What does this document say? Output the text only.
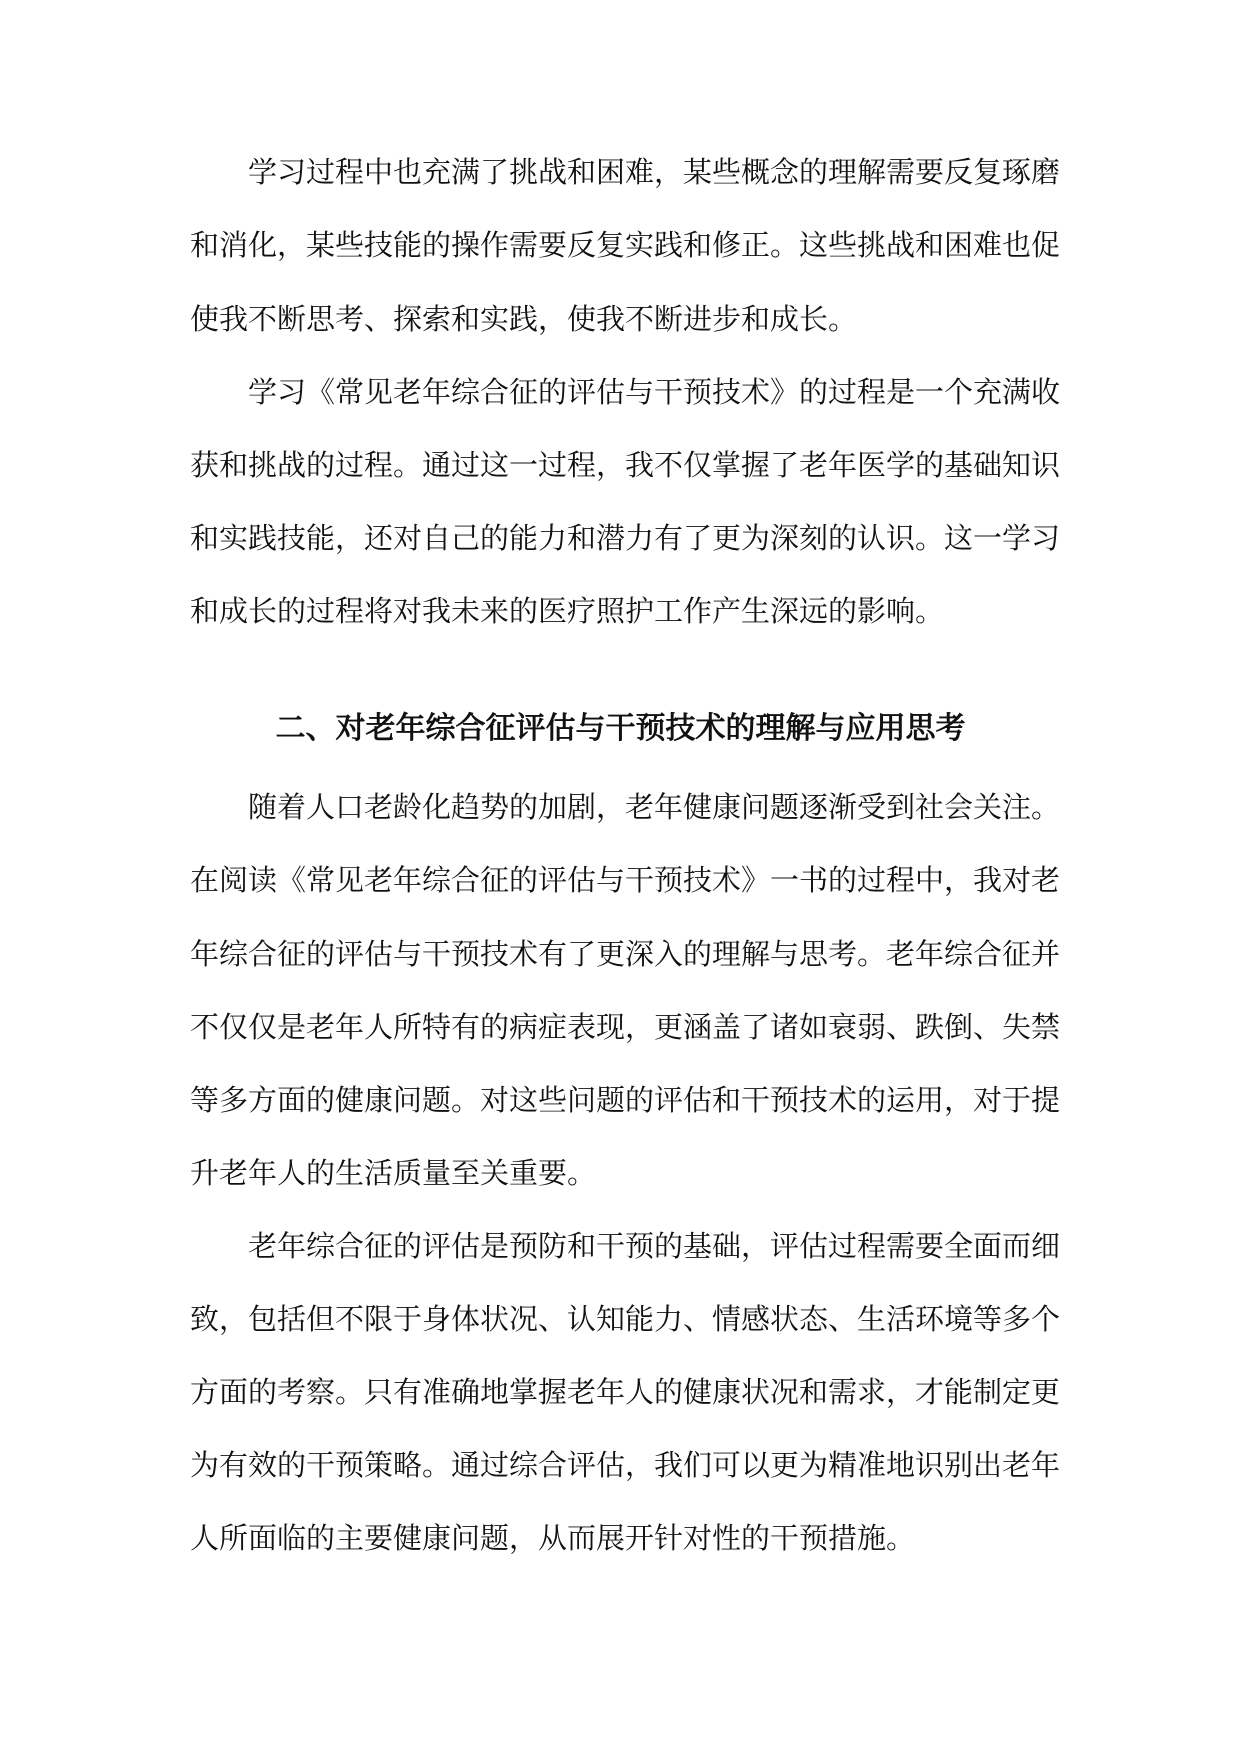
学习过程中也充满了挑战和困难，某些概念的理解需要反复琢磨

和消化，某些技能的操作需要反复实践和修正。这些挑战和困难也促

使我不断思考、探索和实践，使我不断进步和成长。

学习《常见老年综合征的评估与干预技术》的过程是一个充满收

获和挑战的过程。通过这一过程，我不仅掌握了老年医学的基础知识

和实践技能，还对自己的能力和潜力有了更为深刻的认识。这一学习

和成长的过程将对我未来的医疗照护工作产生深远的影响。

二、对老年综合征评估与干预技术的理解与应用思考

随着人口老龄化趋势的加剧，老年健康问题逐渐受到社会关注。

在阅读《常见老年综合征的评估与干预技术》一书的过程中，我对老

年综合征的评估与干预技术有了更深入的理解与思考。老年综合征并

不仅仅是老年人所特有的病症表现，更涵盖了诸如衰弱、跌倒、失禁

等多方面的健康问题。对这些问题的评估和干预技术的运用，对于提

升老年人的生活质量至关重要。

老年综合征的评估是预防和干预的基础，评估过程需要全面而细

致，包括但不限于身体状况、认知能力、情感状态、生活环境等多个

方面的考察。只有准确地掌握老年人的健康状况和需求，才能制定更

为有效的干预策略。通过综合评估，我们可以更为精准地识别出老年

人所面临的主要健康问题，从而展开针对性的干预措施。
